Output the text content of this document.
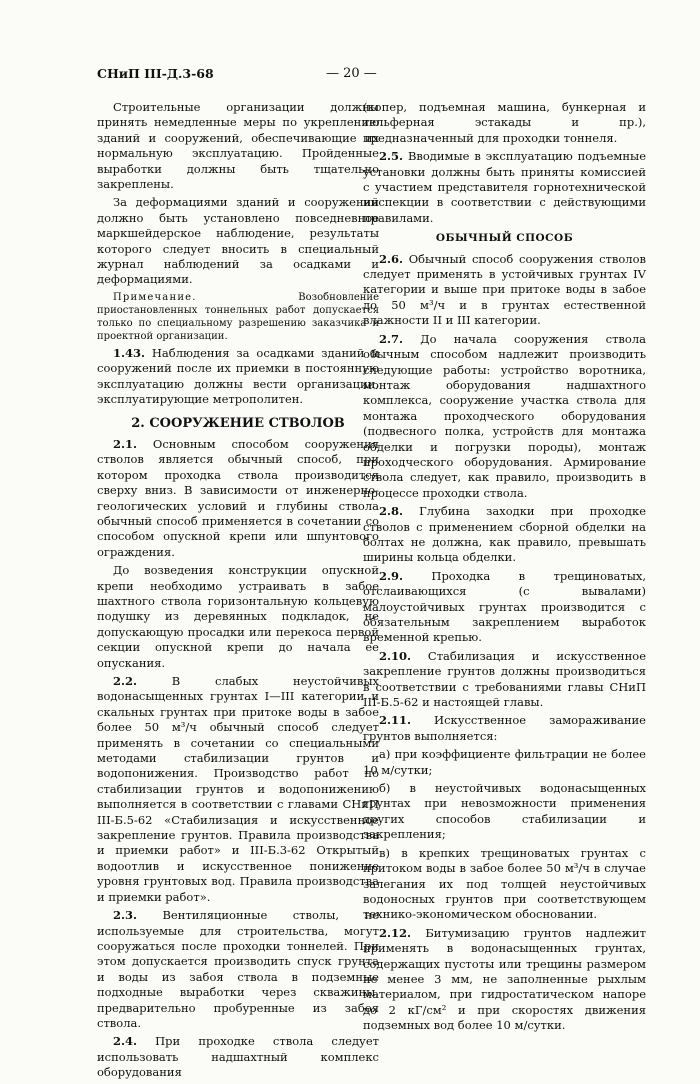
СНиП III-Д.3-68	— 20 —

Строительные организации должны принять немедленные меры по укреплению зданий и сооружений, обеспечивающие их нормальную эксплуатацию. Пройденные выработки должны быть тщательно закреплены.

За деформациями зданий и сооружений должно быть установлено повседневное маркшейдерское наблюдение, результаты которого следует вносить в специальный журнал наблюдений за осадками и деформациями.

Примечание. Возобновление приостановленных тоннельных работ допускается только по специальному разрешению заказчика и проектной организации.

1.43. Наблюдения за осадками зданий и сооружений после их приемки в постоянную эксплуатацию должны вести организации, эксплуатирующие метрополитен.

2. СООРУЖЕНИЕ СТВОЛОВ

2.1. Основным способом сооружения стволов является обычный способ, при котором проходка ствола производится сверху вниз. В зависимости от инженерно-геологических условий и глубины ствола обычный способ применяется в сочетании со способом опускной крепи или шпунтового ограждения.

До возведения конструкции опускной крепи необходимо устраивать в забое шахтного ствола горизонтальную кольцевую подушку из деревянных подкладок, не допускающую просадки или перекоса первой секции опускной крепи до начала ее опускания.

2.2. В слабых неустойчивых водонасыщенных грунтах I—III категории и скальных грунтах при притоке воды в забое более 50 м³/ч обычный способ следует применять в сочетании со специальными методами стабилизации грунтов и водопонижения. Производство работ по стабилизации грунтов и водопонижению выполняется в соответствии с главами СНиП III-Б.5-62 «Стабилизация и искусственное закрепление грунтов. Правила производства и приемки работ» и III-Б.3-62 Открытый водоотлив и искусственное понижение уровня грунтовых вод. Правила производства и приемки работ».

2.3. Вентиляционные стволы, не используемые для строительства, могут сооружаться после проходки тоннелей. При этом допускается производить спуск грунта и воды из забоя ствола в подземные подходные выработки через скважины, предварительно пробуренные из забоя ствола.

2.4. При проходке ствола следует использовать надшахтный комплекс оборудования

(копер, подъемная машина, бункерная и тельферная эстакады и пр.), предназначенный для проходки тоннеля.

2.5. Вводимые в эксплуатацию подъемные установки должны быть приняты комиссией с участием представителя горнотехнической инспекции в соответствии с действующими правилами.

ОБЫЧНЫЙ СПОСОБ

2.6. Обычный способ сооружения стволов следует применять в устойчивых грунтах IV категории и выше при притоке воды в забое до 50 м³/ч и в грунтах естественной влажности II и III категории.

2.7. До начала сооружения ствола обычным способом надлежит производить следующие работы: устройство воротника, монтаж оборудования надшахтного комплекса, сооружение участка ствола для монтажа проходческого оборудования (подвесного полка, устройств для монтажа обделки и погрузки породы), монтаж проходческого оборудования. Армирование ствола следует, как правило, производить в процессе проходки ствола.

2.8. Глубина заходки при проходке стволов с применением сборной обделки на болтах не должна, как правило, превышать ширины кольца обделки.

2.9. Проходка в трещиноватых, отслаивающихся (с вывалами) малоустойчивых грунтах производится с обязательным закреплением выработок временной крепью.

2.10. Стабилизация и искусственное закрепление грунтов должны производиться в соответствии с требованиями главы СНиП III-Б.5-62 и настоящей главы.

2.11. Искусственное замораживание грунтов выполняется:

а) при коэффициенте фильтрации не более 10 м/сутки;

б) в неустойчивых водонасыщенных грунтах при невозможности применения других способов стабилизации и закрепления;

в) в крепких трещиноватых грунтах с притоком воды в забое более 50 м³/ч в случае залегания их под толщей неустойчивых водоносных грунтов при соответствующем технико-экономическом обосновании.

2.12. Битумизацию грунтов надлежит применять в водонасыщенных грунтах, содержащих пустоты или трещины размером не менее 3 мм, не заполненные рыхлым материалом, при гидростатическом напоре до 2 кГ/см² и при скоростях движения подземных вод более 10 м/сутки.
